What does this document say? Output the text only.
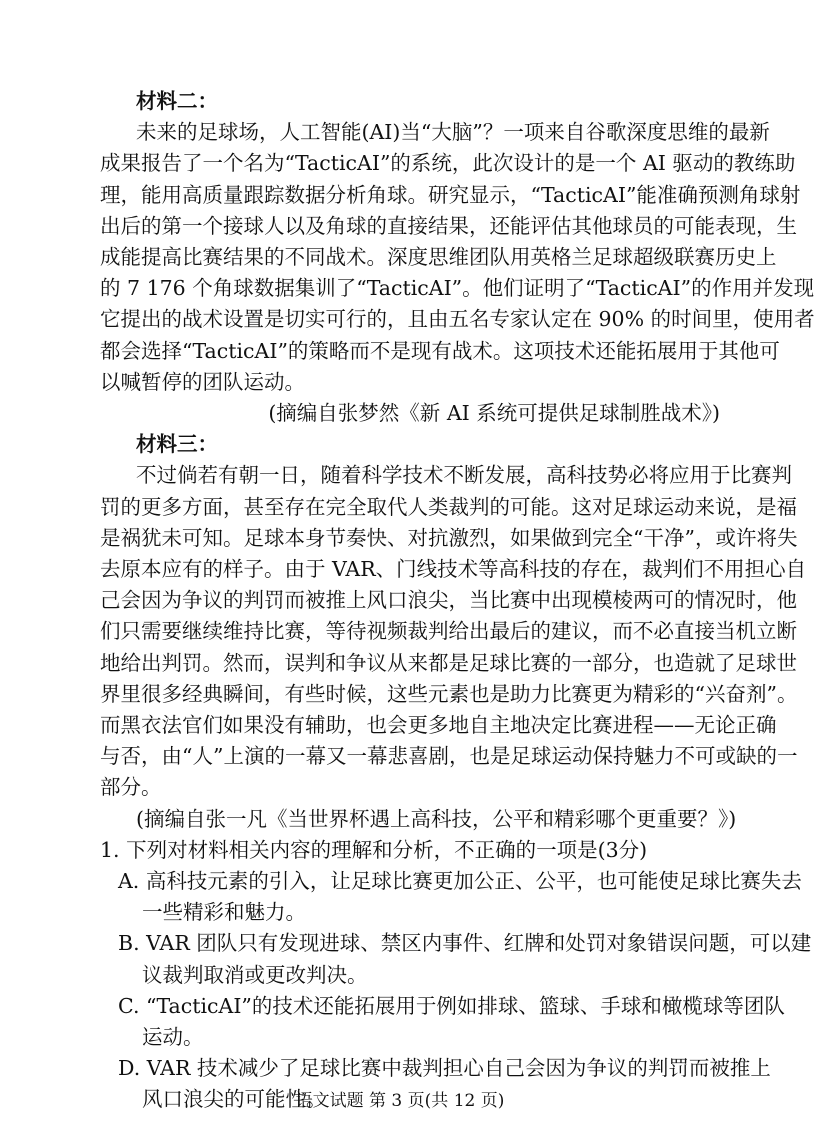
材料二：
未来的足球场，人工智能(AI)当“大脑”？一项来自谷歌深度思维的最新
成果报告了一个名为“TacticAI”的系统，此次设计的是一个 AI 驱动的教练助
理，能用高质量跟踪数据分析角球。研究显示，“TacticAI”能准确预测角球射
出后的第一个接球人以及角球的直接结果，还能评估其他球员的可能表现，生
成能提高比赛结果的不同战术。深度思维团队用英格兰足球超级联赛历史上
的 7 176 个角球数据集训了“TacticAI”。他们证明了“TacticAI”的作用并发现
它提出的战术设置是切实可行的，且由五名专家认定在 90% 的时间里，使用者
都会选择“TacticAI”的策略而不是现有战术。这项技术还能拓展用于其他可
以喊暂停的团队运动。
(摘编自张梦然《新 AI 系统可提供足球制胜战术》)
材料三：
不过倘若有朝一日，随着科学技术不断发展，高科技势必将应用于比赛判
罚的更多方面，甚至存在完全取代人类裁判的可能。这对足球运动来说，是福
是祸犹未可知。足球本身节奏快、对抗激烈，如果做到完全“干净”，或许将失
去原本应有的样子。由于 VAR、门线技术等高科技的存在，裁判们不用担心自
己会因为争议的判罚而被推上风口浪尖，当比赛中出现模棱两可的情况时，他
们只需要继续维持比赛，等待视频裁判给出最后的建议，而不必直接当机立断
地给出判罚。然而，误判和争议从来都是足球比赛的一部分，也造就了足球世
界里很多经典瞬间，有些时候，这些元素也是助力比赛更为精彩的“兴奋剂”。
而黑衣法官们如果没有辅助，也会更多地自主地决定比赛进程——无论正确
与否，由“人”上演的一幕又一幕悲喜剧，也是足球运动保持魅力不可或缺的一
部分。
(摘编自张一凡《当世界杯遇上高科技，公平和精彩哪个更重要？》)
1. 下列对材料相关内容的理解和分析，不正确的一项是(3分)
A. 高科技元素的引入，让足球比赛更加公正、公平，也可能使足球比赛失去
一些精彩和魅力。
B. VAR 团队只有发现进球、禁区内事件、红牌和处罚对象错误问题，可以建
议裁判取消或更改判决。
C. “TacticAI”的技术还能拓展用于例如排球、篮球、手球和橄榄球等团队
运动。
语文试题 第 3 页(共 12 页)
D. VAR 技术减少了足球比赛中裁判担心自己会因为争议的判罚而被推上
风口浪尖的可能性。
